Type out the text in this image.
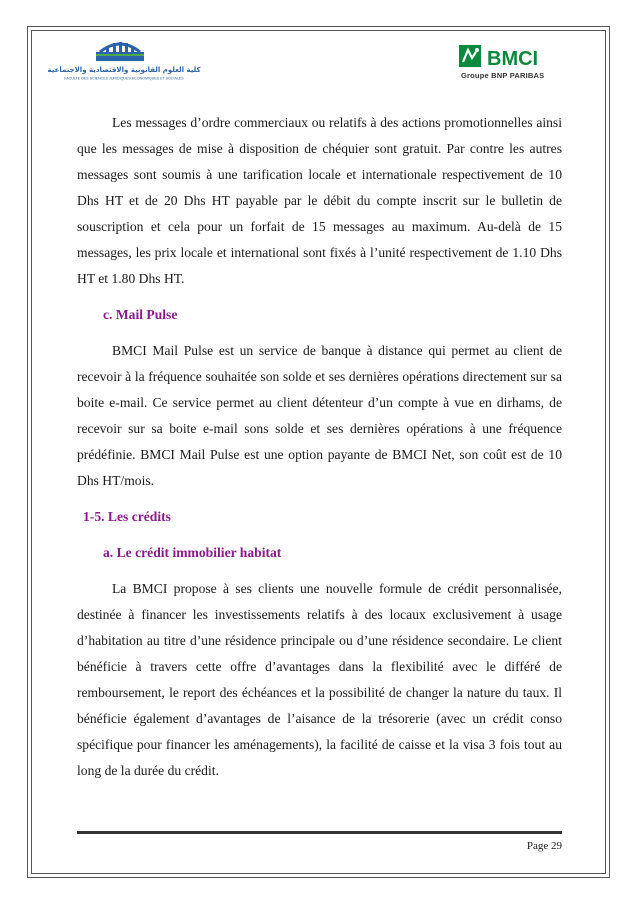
كلية العلوم القانونية والاقتصادية والاجتماعية
FACULTE DES SCIENCES JURIDIQUES ECONOMIQUES ET SOCIALES
BMCI
Groupe BNP PARIBAS

Les messages d’ordre commerciaux ou relatifs à des actions promotionnelles ainsi que les messages de mise à disposition de chéquier sont gratuit. Par contre les autres messages sont soumis à une tarification locale et internationale respectivement de 10 Dhs HT et de 20 Dhs HT payable par le débit du compte inscrit sur le bulletin de souscription et cela pour un forfait de 15 messages au maximum. Au-delà de 15 messages, les prix locale et international sont fixés à l’unité respectivement de 1.10 Dhs HT et 1.80 Dhs HT.

c. Mail Pulse

BMCI Mail Pulse est un service de banque à distance qui permet au client de recevoir à la fréquence souhaitée son solde et ses dernières opérations directement sur sa boite e-mail. Ce service permet au client détenteur d’un compte à vue en dirhams, de recevoir sur sa boite e-mail sons solde et ses dernières opérations à une fréquence prédéfinie. BMCI Mail Pulse est une option payante de BMCI Net, son coût est de 10 Dhs HT/mois.

1-5. Les crédits
a. Le crédit immobilier habitat

La BMCI propose à ses clients une nouvelle formule de crédit personnalisée, destinée à financer les investissements relatifs à des locaux exclusivement à usage d’habitation au titre d’une résidence principale ou d’une résidence secondaire. Le client bénéficie à travers cette offre d’avantages dans la flexibilité avec le différé de remboursement, le report des échéances et la possibilité de changer la nature du taux. Il bénéficie également d’avantages de l’aisance de la trésorerie (avec un crédit conso spécifique pour financer les aménagements), la facilité de caisse et la visa 3 fois tout au long de la durée du crédit.

Page 29
